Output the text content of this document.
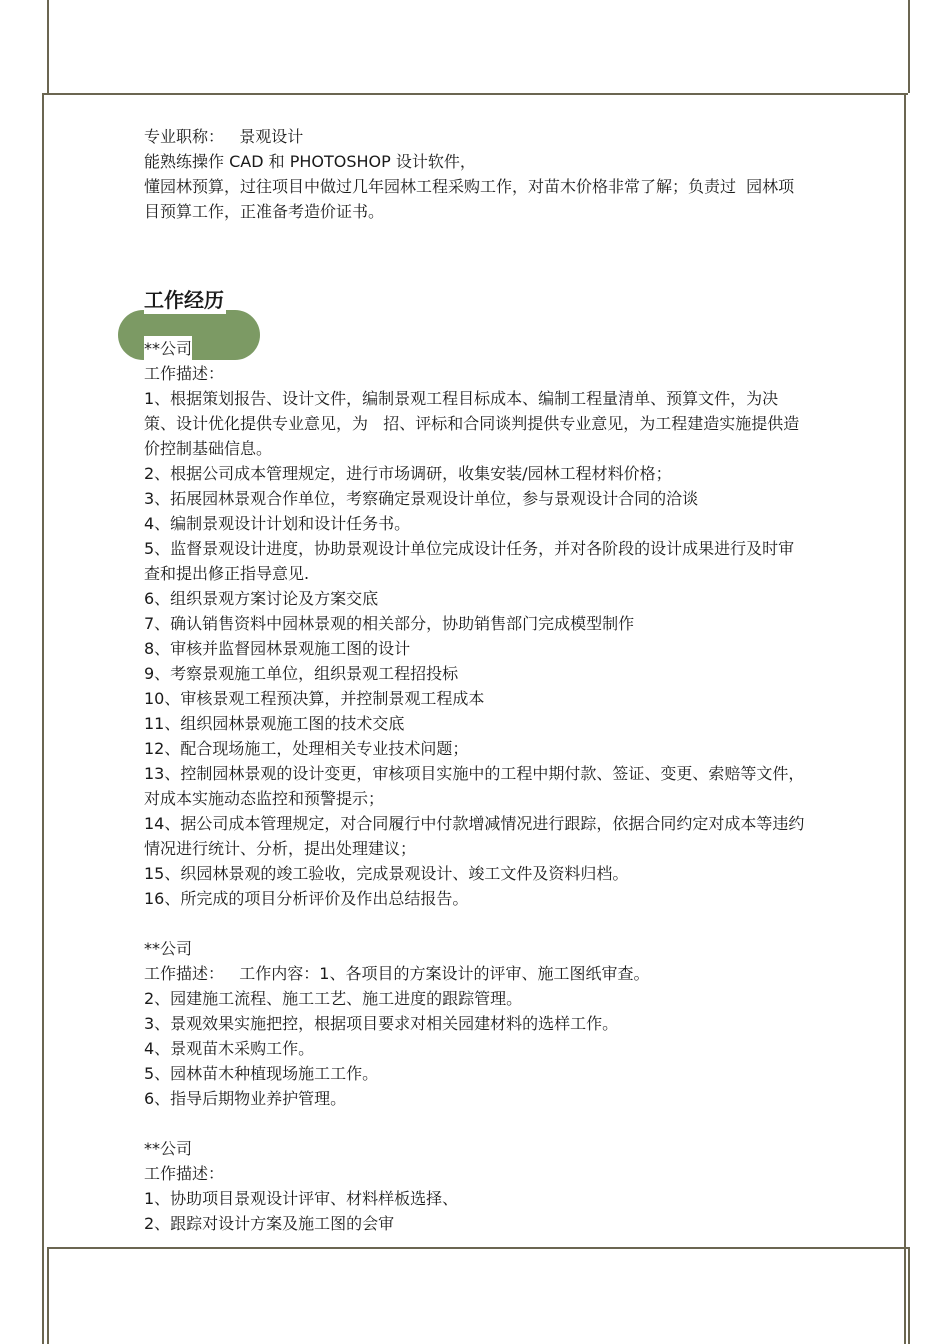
专业职称： 景观设计
能熟练操作 CAD 和 PHOTOSHOP 设计软件，
懂园林预算，过往项目中做过几年园林工程采购工作，对苗木价格非常了解；负责过  园林项目预算工作，正准备考造价证书。
工作经历
**公司
工作描述：
1、根据策划报告、设计文件，编制景观工程目标成本、编制工程量清单、预算文件，为决策、设计优化提供专业意见，为   招、评标和合同谈判提供专业意见，为工程建造实施提供造价控制基础信息。
2、根据公司成本管理规定，进行市场调研，收集安装/园林工程材料价格；
3、拓展园林景观合作单位，考察确定景观设计单位，参与景观设计合同的洽谈
4、编制景观设计计划和设计任务书。
5、监督景观设计进度，协助景观设计单位完成设计任务，并对各阶段的设计成果进行及时审查和提出修正指导意见.
6、组织景观方案讨论及方案交底
7、确认销售资料中园林景观的相关部分，协助销售部门完成模型制作
8、审核并监督园林景观施工图的设计
9、考察景观施工单位，组织景观工程招投标
10、审核景观工程预决算，并控制景观工程成本
11、组织园林景观施工图的技术交底
12、配合现场施工，处理相关专业技术问题；
13、控制园林景观的设计变更，审核项目实施中的工程中期付款、签证、变更、索赔等文件，对成本实施动态监控和预警提示；
14、据公司成本管理规定，对合同履行中付款增减情况进行跟踪，依据合同约定对成本等违约情况进行统计、分析，提出处理建议；
15、织园林景观的竣工验收，完成景观设计、竣工文件及资料归档。
16、所完成的项目分析评价及作出总结报告。
**公司
工作描述： 工作内容：1、各项目的方案设计的评审、施工图纸审查。
2、园建施工流程、施工工艺、施工进度的跟踪管理。
3、景观效果实施把控，根据项目要求对相关园建材料的选样工作。
4、景观苗木采购工作。
5、园林苗木种植现场施工工作。
6、指导后期物业养护管理。
**公司
工作描述：
1、协助项目景观设计评审、材料样板选择、
2、跟踪对设计方案及施工图的会审
